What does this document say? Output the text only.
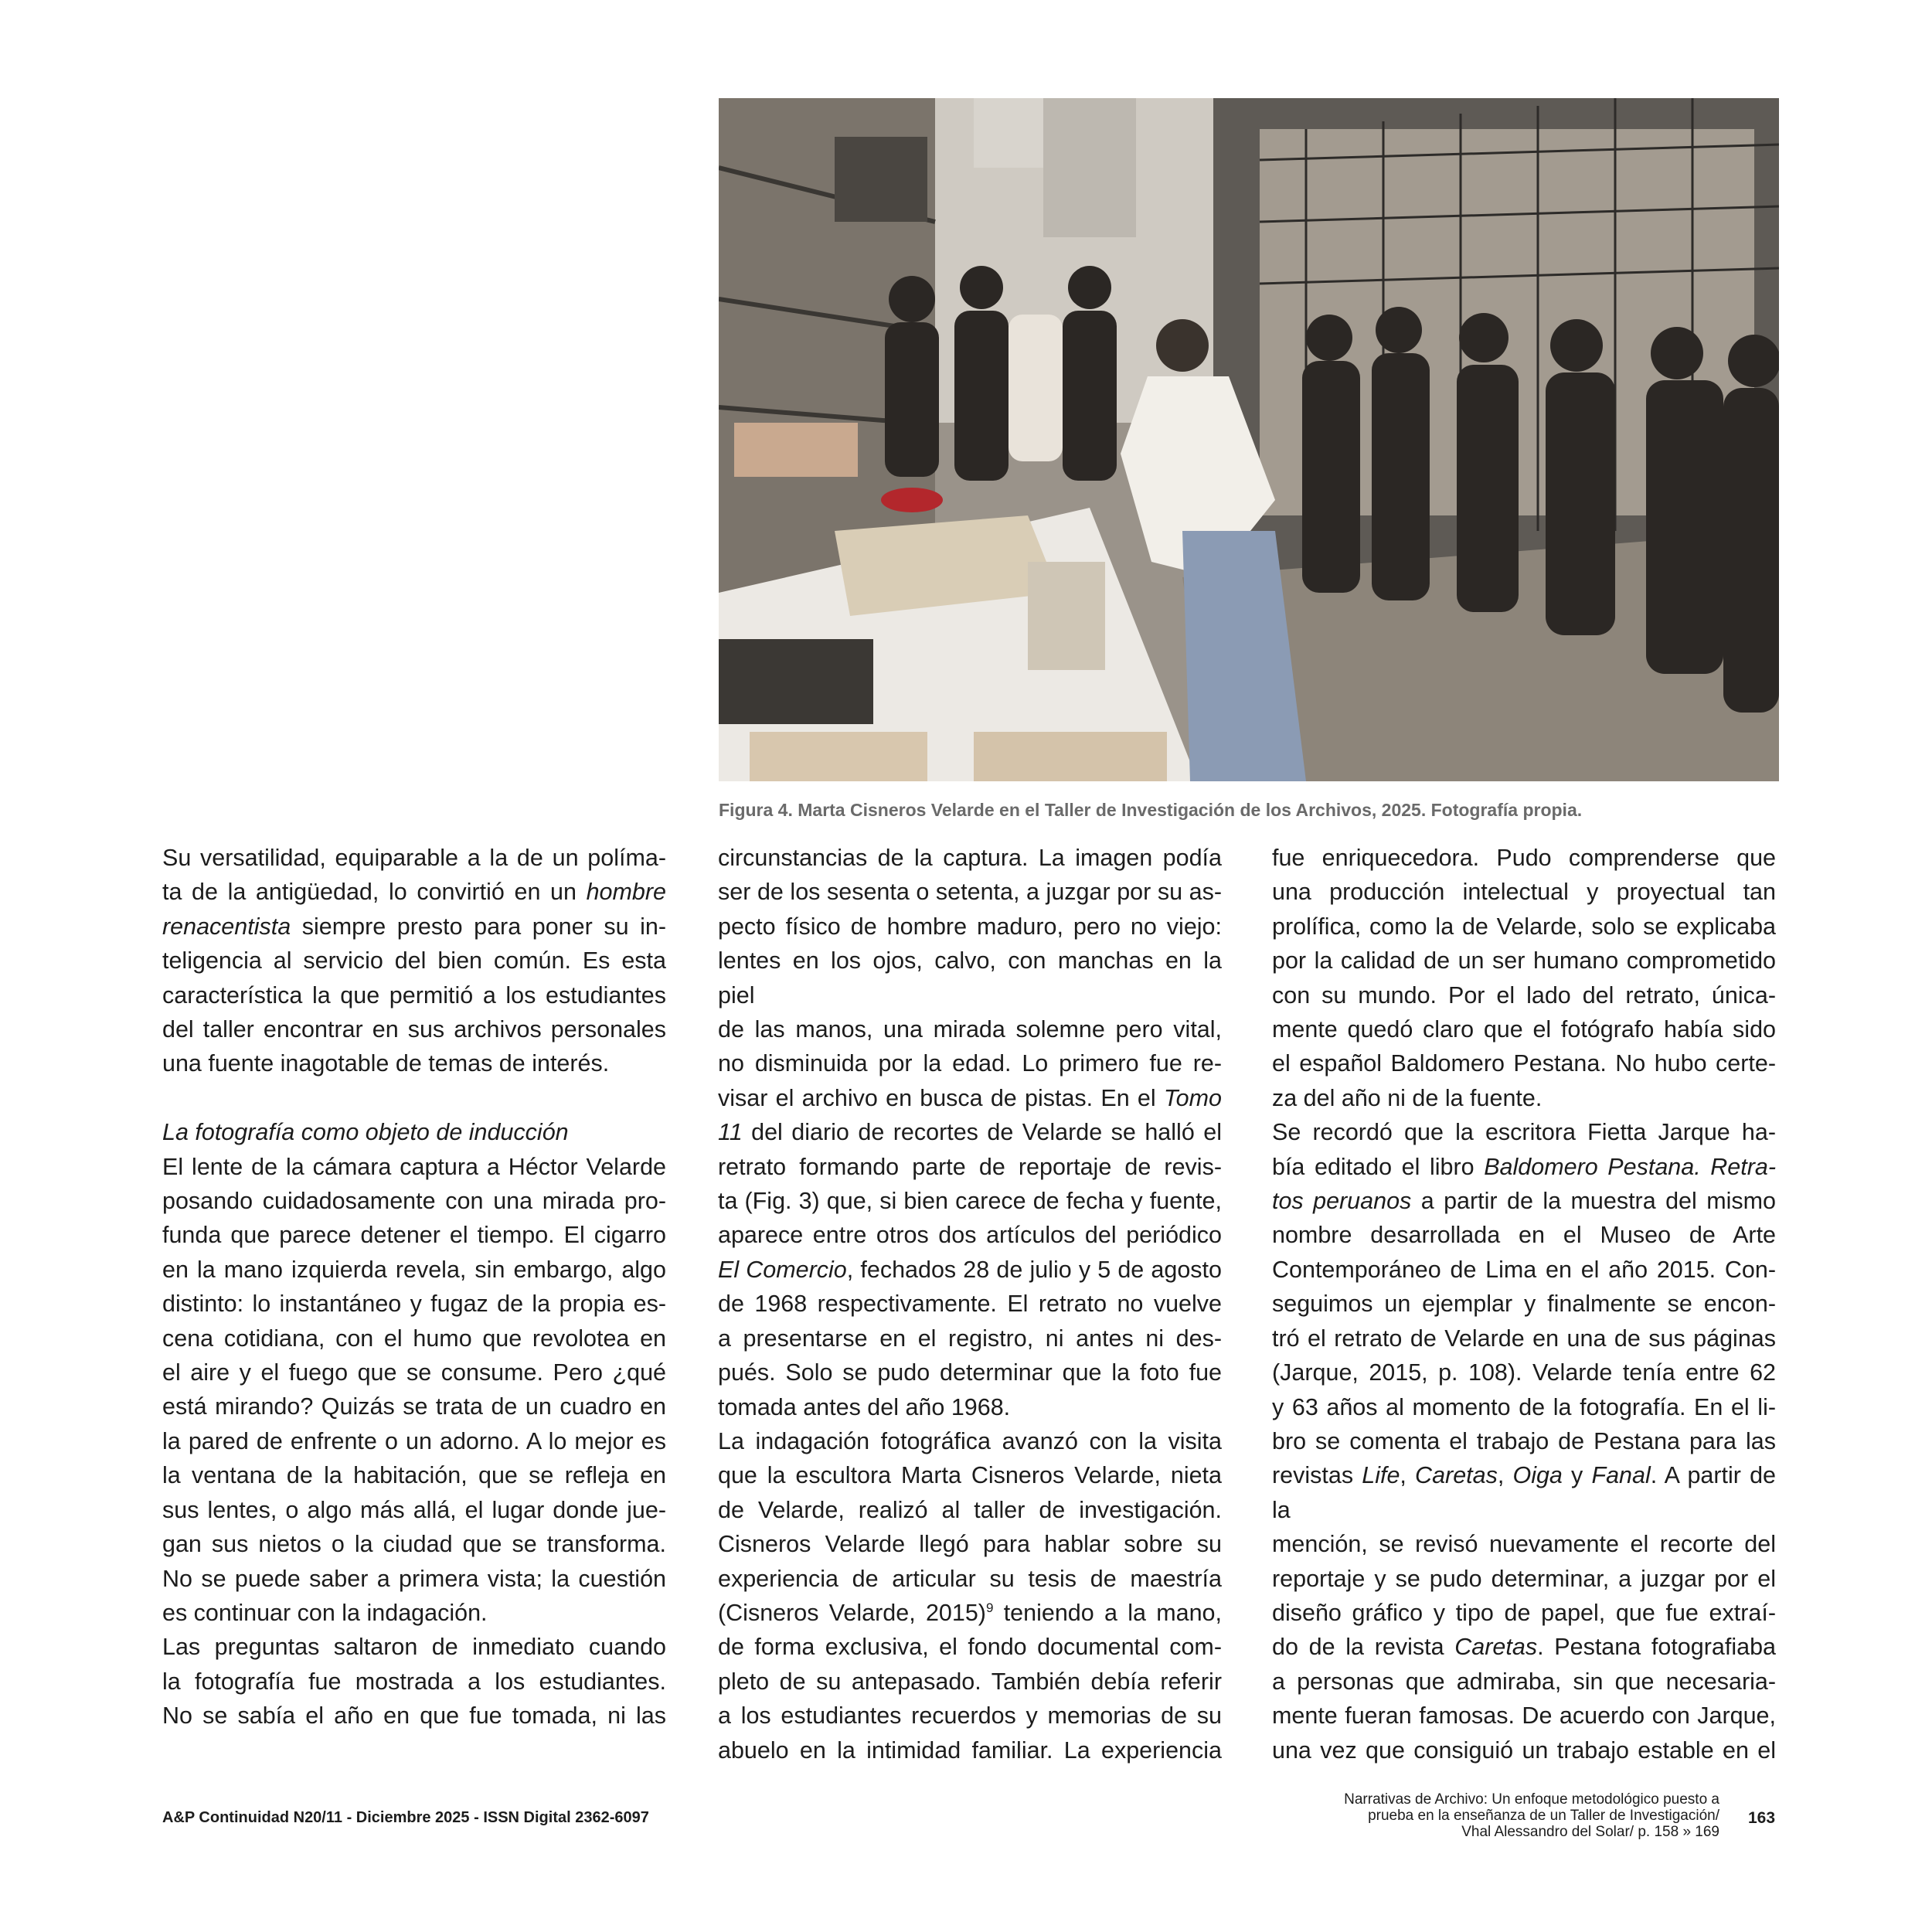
Figura 4. Marta Cisneros Velarde en el Taller de Investigación de los Archivos, 2025. Fotografía propia.

Su versatilidad, equiparable a la de un políma-

ta de la antigüedad, lo convirtió en un hombre

renacentista siempre presto para poner su in-

teligencia al servicio del bien común. Es esta

característica la que permitió a los estudiantes

del taller encontrar en sus archivos personales

una fuente inagotable de temas de interés.

La fotografía como objeto de inducción

El lente de la cámara captura a Héctor Velarde

posando cuidadosamente con una mirada pro-

funda que parece detener el tiempo. El cigarro

en la mano izquierda revela, sin embargo, algo

distinto: lo instantáneo y fugaz de la propia es-

cena cotidiana, con el humo que revolotea en

el aire y el fuego que se consume. Pero ¿qué

está mirando? Quizás se trata de un cuadro en

la pared de enfrente o un adorno. A lo mejor es

la ventana de la habitación, que se refleja en

sus lentes, o algo más allá, el lugar donde jue-

gan sus nietos o la ciudad que se transforma.

No se puede saber a primera vista; la cuestión

es continuar con la indagación.

Las preguntas saltaron de inmediato cuando

la fotografía fue mostrada a los estudiantes.

No se sabía el año en que fue tomada, ni las

circunstancias de la captura. La imagen podía

ser de los sesenta o setenta, a juzgar por su as-

pecto físico de hombre maduro, pero no viejo:

lentes en los ojos, calvo, con manchas en la piel

de las manos, una mirada solemne pero vital,

no disminuida por la edad. Lo primero fue re-

visar el archivo en busca de pistas. En el Tomo

11 del diario de recortes de Velarde se halló el

retrato formando parte de reportaje de revis-

ta (Fig. 3) que, si bien carece de fecha y fuente,

aparece entre otros dos artículos del periódico

El Comercio, fechados 28 de julio y 5 de agosto

de 1968 respectivamente. El retrato no vuelve

a presentarse en el registro, ni antes ni des-

pués. Solo se pudo determinar que la foto fue

tomada antes del año 1968.

La indagación fotográfica avanzó con la visita

que la escultora Marta Cisneros Velarde, nieta

de Velarde, realizó al taller de investigación.

Cisneros Velarde llegó para hablar sobre su

experiencia de articular su tesis de maestría

(Cisneros Velarde, 2015)$^9$ teniendo a la mano,

de forma exclusiva, el fondo documental com-

pleto de su antepasado. También debía referir

a los estudiantes recuerdos y memorias de su

abuelo en la intimidad familiar. La experiencia

fue enriquecedora. Pudo comprenderse que

una producción intelectual y proyectual tan

prolífica, como la de Velarde, solo se explicaba

por la calidad de un ser humano comprometido

con su mundo. Por el lado del retrato, única-

mente quedó claro que el fotógrafo había sido

el español Baldomero Pestana. No hubo certe-

za del año ni de la fuente.

Se recordó que la escritora Fietta Jarque ha-

bía editado el libro Baldomero Pestana. Retra-

tos peruanos a partir de la muestra del mismo

nombre desarrollada en el Museo de Arte

Contemporáneo de Lima en el año 2015. Con-

seguimos un ejemplar y finalmente se encon-

tró el retrato de Velarde en una de sus páginas

(Jarque, 2015, p. 108). Velarde tenía entre 62

y 63 años al momento de la fotografía. En el li-

bro se comenta el trabajo de Pestana para las

revistas Life, Caretas, Oiga y Fanal. A partir de la

mención, se revisó nuevamente el recorte del

reportaje y se pudo determinar, a juzgar por el

diseño gráfico y tipo de papel, que fue extraí-

do de la revista Caretas. Pestana fotografiaba

a personas que admiraba, sin que necesaria-

mente fueran famosas. De acuerdo con Jarque,

una vez que consiguió un trabajo estable en el

A&P Continuidad N20/11 - Diciembre 2025 - ISSN Digital 2362-6097
Narrativas de Archivo: Un enfoque metodológico puesto a
prueba en la enseñanza de un Taller de Investigación/
Vhal Alessandro del Solar/ p. 158 » 169
163
